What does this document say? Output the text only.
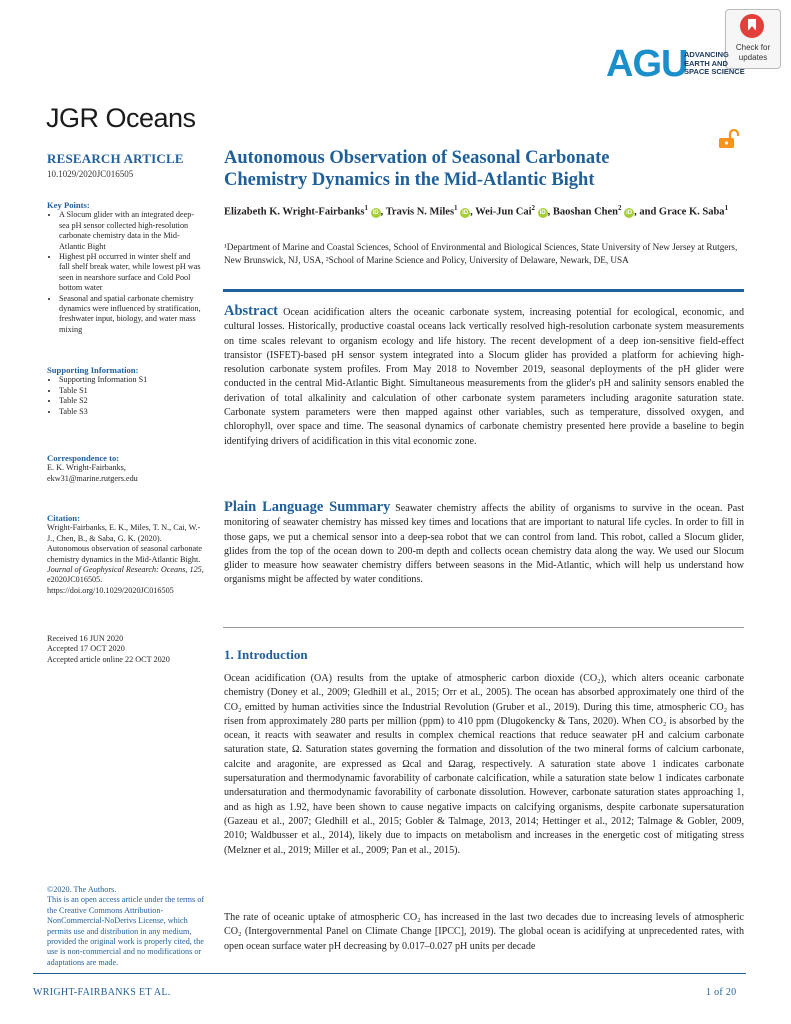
Check for
updates
AGU
ADVANCING
EARTH AND
SPACE SCIENCE
JGR Oceans
RESEARCH ARTICLE
10.1029/2020JC016505
Key Points:
• A Slocum glider with an integrated deep-sea pH sensor collected high-resolution carbonate chemistry data in the Mid-Atlantic Bight
• Highest pH occurred in winter shelf and fall shelf break water, while lowest pH was seen in nearshore surface and Cold Pool bottom water
• Seasonal and spatial carbonate chemistry dynamics were influenced by stratification, freshwater input, biology, and water mass mixing
Supporting Information:
• Supporting Information S1
• Table S1
• Table S2
• Table S3
Correspondence to:
E. K. Wright-Fairbanks,
ekw31@marine.rutgers.edu
Citation:
Wright-Fairbanks, E. K., Miles, T. N., Cai, W.-J., Chen, B., & Saba, G. K. (2020). Autonomous observation of seasonal carbonate chemistry dynamics in the Mid-Atlantic Bight. Journal of Geophysical Research: Oceans, 125, e2020JC016505. https://doi.org/10.1029/2020JC016505
Received 16 JUN 2020
Accepted 17 OCT 2020
Accepted article online 22 OCT 2020
©2020. The Authors.
This is an open access article under the terms of the Creative Commons Attribution-NonCommercial-NoDerivs License, which permits use and distribution in any medium, provided the original work is properly cited, the use is non-commercial and no modifications or adaptations are made.
Autonomous Observation of Seasonal Carbonate Chemistry Dynamics in the Mid-Atlantic Bight
Elizabeth K. Wright-Fairbanks$^1$ iD , Travis N. Miles$^1$ iD , Wei-Jun Cai$^2$ iD , Baoshan Chen$^2$ iD , and Grace K. Saba$^1$
¹Department of Marine and Coastal Sciences, School of Environmental and Biological Sciences, State University of New Jersey at Rutgers, New Brunswick, NJ, USA, ²School of Marine Science and Policy, University of Delaware, Newark, DE, USA
Abstract Ocean acidification alters the oceanic carbonate system, increasing potential for ecological, economic, and cultural losses. Historically, productive coastal oceans lack vertically resolved high-resolution carbonate system measurements on time scales relevant to organism ecology and life history. The recent development of a deep ion-sensitive field-effect transistor (ISFET)-based pH sensor system integrated into a Slocum glider has provided a platform for achieving high-resolution carbonate system profiles. From May 2018 to November 2019, seasonal deployments of the pH glider were conducted in the central Mid-Atlantic Bight. Simultaneous measurements from the glider's pH and salinity sensors enabled the derivation of total alkalinity and calculation of other carbonate system parameters including aragonite saturation state. Carbonate system parameters were then mapped against other variables, such as temperature, dissolved oxygen, and chlorophyll, over space and time. The seasonal dynamics of carbonate chemistry presented here provide a baseline to begin identifying drivers of acidification in this vital economic zone.
Plain Language Summary Seawater chemistry affects the ability of organisms to survive in the ocean. Past monitoring of seawater chemistry has missed key times and locations that are important to natural life cycles. In order to fill in those gaps, we put a chemical sensor into a deep-sea robot that we can control from land. This robot, called a Slocum glider, glides from the top of the ocean down to 200-m depth and collects ocean chemistry data along the way. We used our Slocum glider to measure how seawater chemistry differs between seasons in the Mid-Atlantic, which will help us understand how organisms might be affected by water conditions.
1. Introduction
Ocean acidification (OA) results from the uptake of atmospheric carbon dioxide (CO₂), which alters oceanic carbonate chemistry (Doney et al., 2009; Gledhill et al., 2015; Orr et al., 2005). The ocean has absorbed approximately one third of the CO₂ emitted by human activities since the Industrial Revolution (Gruber et al., 2019). During this time, atmospheric CO₂ has risen from approximately 280 parts per million (ppm) to 410 ppm (Dlugokencky & Tans, 2020). When CO₂ is absorbed by the ocean, it reacts with seawater and results in complex chemical reactions that reduce seawater pH and calcium carbonate saturation state, Ω. Saturation states governing the formation and dissolution of the two mineral forms of calcium carbonate, calcite and aragonite, are expressed as Ωcal and Ωarag, respectively. A saturation state above 1 indicates carbonate supersaturation and thermodynamic favorability of carbonate calcification, while a saturation state below 1 indicates carbonate undersaturation and thermodynamic favorability of carbonate dissolution. However, carbonate saturation states approaching 1, and as high as 1.92, have been shown to cause negative impacts on calcifying organisms, despite carbonate supersaturation (Gazeau et al., 2007; Gledhill et al., 2015; Gobler & Talmage, 2013, 2014; Hettinger et al., 2012; Talmage & Gobler, 2009, 2010; Waldbusser et al., 2014), likely due to impacts on metabolism and increases in the energetic cost of mitigating stress (Melzner et al., 2019; Miller et al., 2009; Pan et al., 2015).
The rate of oceanic uptake of atmospheric CO₂ has increased in the last two decades due to increasing levels of atmospheric CO₂ (Intergovernmental Panel on Climate Change [IPCC], 2019). The global ocean is acidifying at unprecedented rates, with open ocean surface water pH decreasing by 0.017–0.027 pH units per decade
WRIGHT-FAIRBANKS ET AL.	1 of 20
